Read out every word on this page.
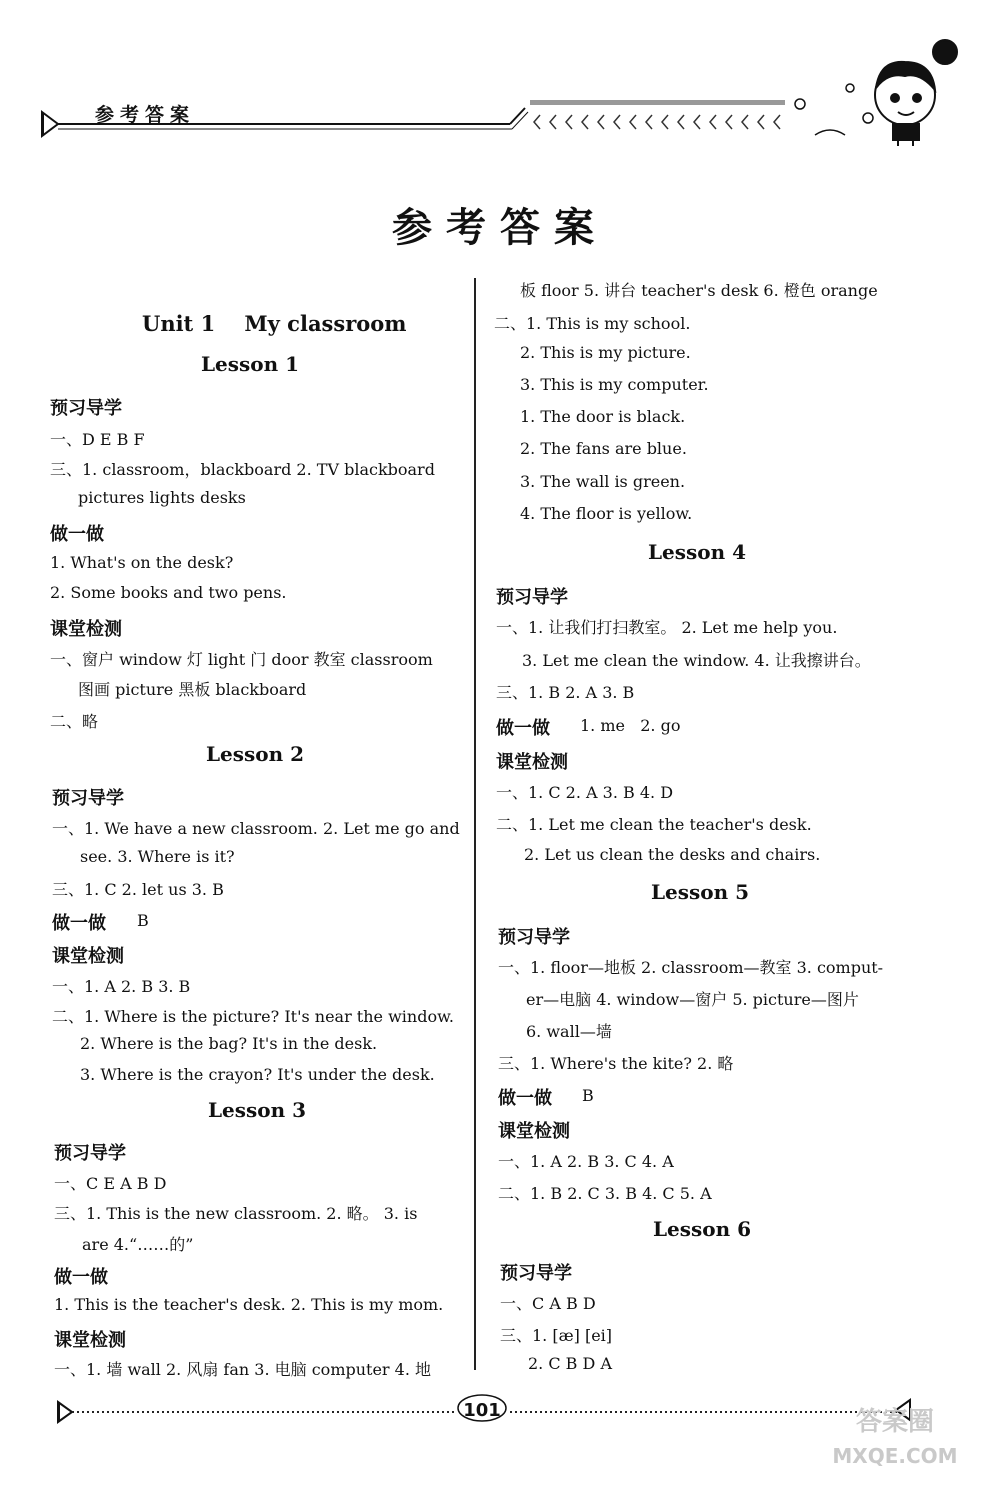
参考答案
参考答案
Unit 1    My classroom
Lesson 1
预习导学
一、D E B F
三、1. classroom，blackboard 2. TV blackboard
pictures lights desks
做一做
1. What's on the desk?
2. Some books and two pens.
课堂检测
一、窗户 window 灯 light 门 door 教室 classroom
图画 picture 黑板 blackboard
二、略
Lesson 2
预习导学
一、1. We have a new classroom. 2. Let me go and
see. 3. Where is it?
三、1. C 2. let us 3. B
做一做 B
课堂检测
一、1. A 2. B 3. B
二、1. Where is the picture? It's near the window.
2. Where is the bag? It's in the desk.
3. Where is the crayon? It's under the desk.
Lesson 3
预习导学
一、C E A B D
三、1. This is the new classroom. 2. 略。 3. is
are 4.“……的”
做一做
1. This is the teacher's desk. 2. This is my mom.
课堂检测
一、1. 墙 wall 2. 风扇 fan 3. 电脑 computer 4. 地
板 floor 5. 讲台 teacher's desk 6. 橙色 orange
二、1. This is my school.
2. This is my picture.
3. This is my computer.
1. The door is black.
2. The fans are blue.
3. The wall is green.
4. The floor is yellow.
Lesson 4
预习导学
一、1. 让我们打扫教室。 2. Let me help you.
3. Let me clean the window. 4. 让我擦讲台。
三、1. B 2. A 3. B
做一做 1. me   2. go
课堂检测
一、1. C 2. A 3. B 4. D
二、1. Let me clean the teacher's desk.
2. Let us clean the desks and chairs.
Lesson 5
预习导学
一、1. floor—地板 2. classroom—教室 3. comput-
er—电脑 4. window—窗户 5. picture—图片
6. wall—墙
三、1. Where's the kite? 2. 略
做一做 B
课堂检测
一、1. A 2. B 3. C 4. A
二、1. B 2. C 3. B 4. C 5. A
Lesson 6
预习导学
一、C A B D
三、1. [æ] [ei]
2. C B D A
101	答案圈
MXQE.COM
